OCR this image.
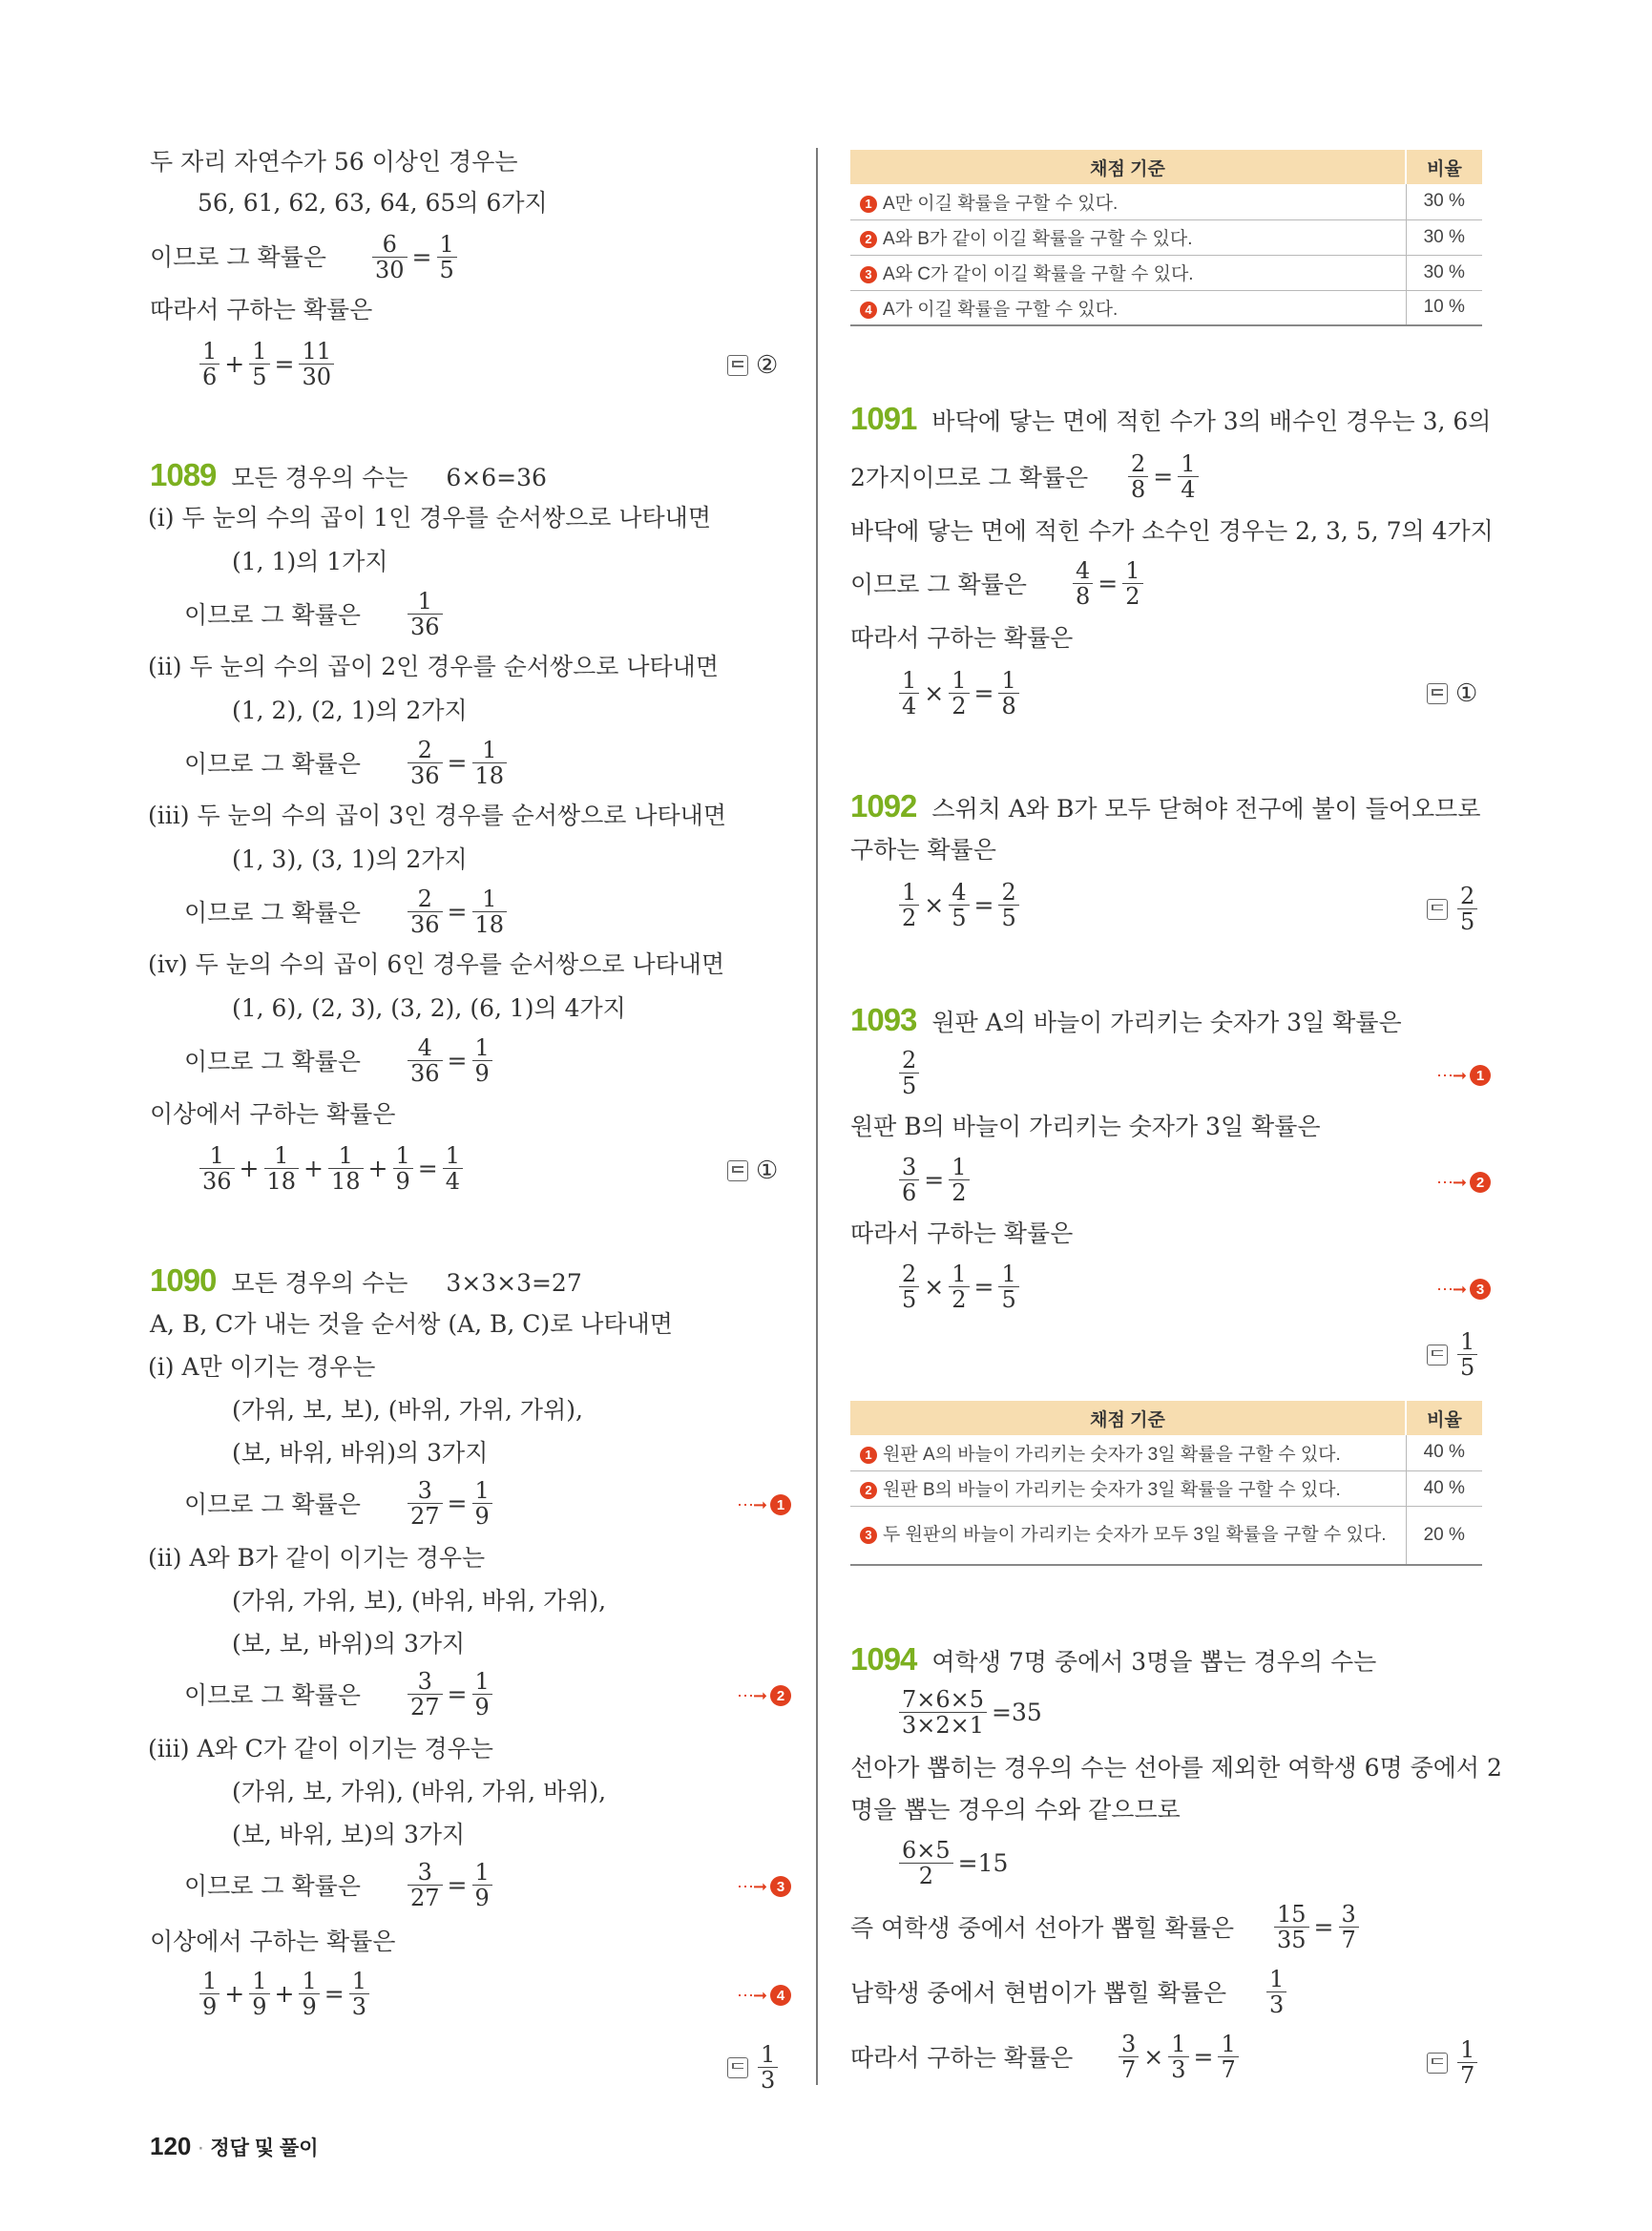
두 자리 자연수가 56 이상인 경우는
56, 61, 62, 63, 64, 65의 6가지
이므로 그 확률은 $\frac{6}{30} = \frac{1}{5}$
따라서 구하는 확률은
$\frac{1}{6} + \frac{1}{5} = \frac{11}{30}$	②
1089 모든 경우의 수는 6×6=36
(ⅰ) 두 눈의 수의 곱이 1인 경우를 순서쌍으로 나타내면
(1, 1)의 1가지
이므로 그 확률은 $\frac{1}{36}$
(ⅱ) 두 눈의 수의 곱이 2인 경우를 순서쌍으로 나타내면
(1, 2), (2, 1)의 2가지
이므로 그 확률은 $\frac{2}{36} = \frac{1}{18}$
(ⅲ) 두 눈의 수의 곱이 3인 경우를 순서쌍으로 나타내면
(1, 3), (3, 1)의 2가지
이므로 그 확률은 $\frac{2}{36} = \frac{1}{18}$
(ⅳ) 두 눈의 수의 곱이 6인 경우를 순서쌍으로 나타내면
(1, 6), (2, 3), (3, 2), (6, 1)의 4가지
이므로 그 확률은 $\frac{4}{36} = \frac{1}{9}$
이상에서 구하는 확률은
$\frac{1}{36} + \frac{1}{18} + \frac{1}{18} + \frac{1}{9} = \frac{1}{4}$	①
1090 모든 경우의 수는 3×3×3=27
A, B, C가 내는 것을 순서쌍 (A, B, C)로 나타내면
(ⅰ) A만 이기는 경우는
(가위, 보, 보), (바위, 가위, 가위),
(보, 바위, 바위)의 3가지
이므로 그 확률은 $\frac{3}{27} = \frac{1}{9}$	⋯➞ 1
(ⅱ) A와 B가 같이 이기는 경우는
(가위, 가위, 보), (바위, 바위, 가위),
(보, 보, 바위)의 3가지
이므로 그 확률은 $\frac{3}{27} = \frac{1}{9}$	⋯➞ 2
(ⅲ) A와 C가 같이 이기는 경우는
(가위, 보, 가위), (바위, 가위, 바위),
(보, 바위, 보)의 3가지
이므로 그 확률은 $\frac{3}{27} = \frac{1}{9}$	⋯➞ 3
이상에서 구하는 확률은
$\frac{1}{9} + \frac{1}{9} + \frac{1}{9} = \frac{1}{3}$	⋯➞ 4
$\frac{1}{3}$
채점 기준	비율
1 A만 이길 확률을 구할 수 있다.	30 %
2 A와 B가 같이 이길 확률을 구할 수 있다.	30 %
3 A와 C가 같이 이길 확률을 구할 수 있다.	30 %
4 A가 이길 확률을 구할 수 있다.	10 %
1091 바닥에 닿는 면에 적힌 수가 3의 배수인 경우는 3, 6의
2가지이므로 그 확률은 $\frac{2}{8} = \frac{1}{4}$
바닥에 닿는 면에 적힌 수가 소수인 경우는 2, 3, 5, 7의 4가지
이므로 그 확률은 $\frac{4}{8} = \frac{1}{2}$
따라서 구하는 확률은
$\frac{1}{4} \times \frac{1}{2} = \frac{1}{8}$	①
1092 스위치 A와 B가 모두 닫혀야 전구에 불이 들어오므로
구하는 확률은
$\frac{1}{2} \times \frac{4}{5} = \frac{2}{5}$	$\frac{2}{5}$
1093 원판 A의 바늘이 가리키는 숫자가 3일 확률은
$\frac{2}{5}$	⋯➞ 1
원판 B의 바늘이 가리키는 숫자가 3일 확률은
$\frac{3}{6} = \frac{1}{2}$	⋯➞ 2
따라서 구하는 확률은
$\frac{2}{5} \times \frac{1}{2} = \frac{1}{5}$	⋯➞ 3
$\frac{1}{5}$
채점 기준	비율
1 원판 A의 바늘이 가리키는 숫자가 3일 확률을 구할 수 있다.	40 %
2 원판 B의 바늘이 가리키는 숫자가 3일 확률을 구할 수 있다.	40 %
3 두 원판의 바늘이 가리키는 숫자가 모두 3일 확률을 구할 수 있다.	20 %
1094 여학생 7명 중에서 3명을 뽑는 경우의 수는
$\frac{7\times 6\times 5}{3\times 2\times 1} =35$
선아가 뽑히는 경우의 수는 선아를 제외한 여학생 6명 중에서 2
명을 뽑는 경우의 수와 같으므로
$\frac{6\times 5}{2} =15$
즉 여학생 중에서 선아가 뽑힐 확률은 $\frac{15}{35} = \frac{3}{7}$
남학생 중에서 현범이가 뽑힐 확률은 $\frac{1}{3}$
따라서 구하는 확률은 $\frac{3}{7} \times \frac{1}{3} = \frac{1}{7}$	$\frac{1}{7}$
120 · 정답 및 풀이
